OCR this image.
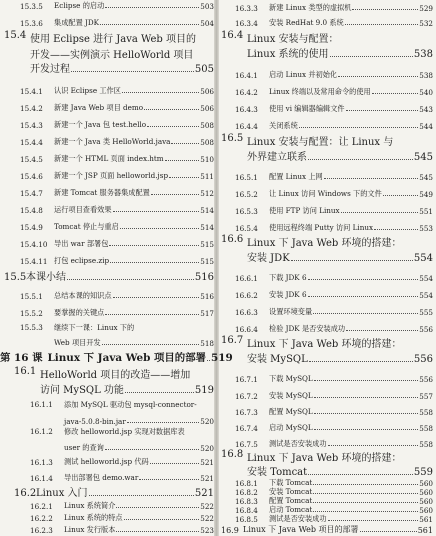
15.3.5	Eclipse 的启动	503
15.3.6	集成配置 JDK	504
15.4 使用 Eclipse 进行 Java Web 项目的
开发——实例演示 HelloWorld 项目
开发过程	505
15.4.1	认识 Eclipse 工作区	506
15.4.2	新建 Java Web 项目 demo	506
15.4.3	新建一个 Java 包 test.hello	508
15.4.4	新建一个 Java 类 HelloWorld.java	508
15.4.5	新建一个 HTML 页面 index.htm	510
15.4.6	新建一个 JSP 页面 helloworld.jsp	511
15.4.7	新建 Tomcat 服务器集成配置	512
15.4.8	运行项目查看效果	514
15.4.9	Tomcat 停止与重启	514
15.4.10 导出 war 部署包	515
15.4.11 打包 eclipse.zip	515
15.5 本课小结	516
15.5.1	总结本课的知识点	516
15.5.2	要掌握的关键点	517
15.5.3 继续下一课：Linux 下的
Web 项目开发	518
第 16 课 Linux 下 Java Web 项目的部署 519
16.1 HelloWorld 项目的改造——增加
访问 MySQL 功能	519
16.1.1 添加 MySQL 驱动包 mysql-connector-
java-5.0.8-bin.jar	520
16.1.2 修改 helloworld.jsp 实现对数据库表
user 的查询	520
16.1.3	测试 helloworld.jsp 代码	521
16.1.4	导出部署包 demo.war	521
16.2 Linux 入门	521
16.2.1	Linux 系统简介	522
16.2.2	Linux 系统的特点	522
16.2.3	Linux 发行版本	523
16.3.3	新建 Linux 类型的虚拟机	529
16.3.4	安装 RedHat 9.0 系统	532
16.4 Linux 安装与配置：
Linux 系统的使用	538
16.4.1	启动 Linux 并初始化	538
16.4.2	Linux 终端以及常用命令的使用	540
16.4.3	使用 vi 编辑器编辑文件	543
16.4.4	关闭系统	544
16.5 Linux 安装与配置：让 Linux 与
外界建立联系	545
16.5.1	配置 Linux 上网	545
16.5.2	让 Linux 访问 Windows 下的文件	549
16.5.3	使用 FTP 访问 Linux	551
16.5.4	使用远程终端 Putty 访问 Linux	553
16.6 Linux 下 Java Web 环境的搭建：
安装 JDK	554
16.6.1	下载 JDK 6	554
16.6.2	安装 JDK 6	554
16.6.3	设置环境变量	555
16.6.4	检验 JDK 是否安装成功	556
16.7 Linux 下 Java Web 环境的搭建：
安装 MySQL	556
16.7.1	下载 MySQL	556
16.7.2	安装 MySQL	557
16.7.3	配置 MySQL	558
16.7.4	启动 MySQL	558
16.7.5	测试是否安装成功	558
16.8 Linux 下 Java Web 环境的搭建：
安装 Tomcat	559
16.8.1	下载 Tomcat	560
16.8.2	安装 Tomcat	560
16.8.3	配置 Tomcat	560
16.8.4	启动 Tomcat	560
16.8.5	测试是否安装成功	561
16.9 Linux 下 Java Web 项目的部署	561
